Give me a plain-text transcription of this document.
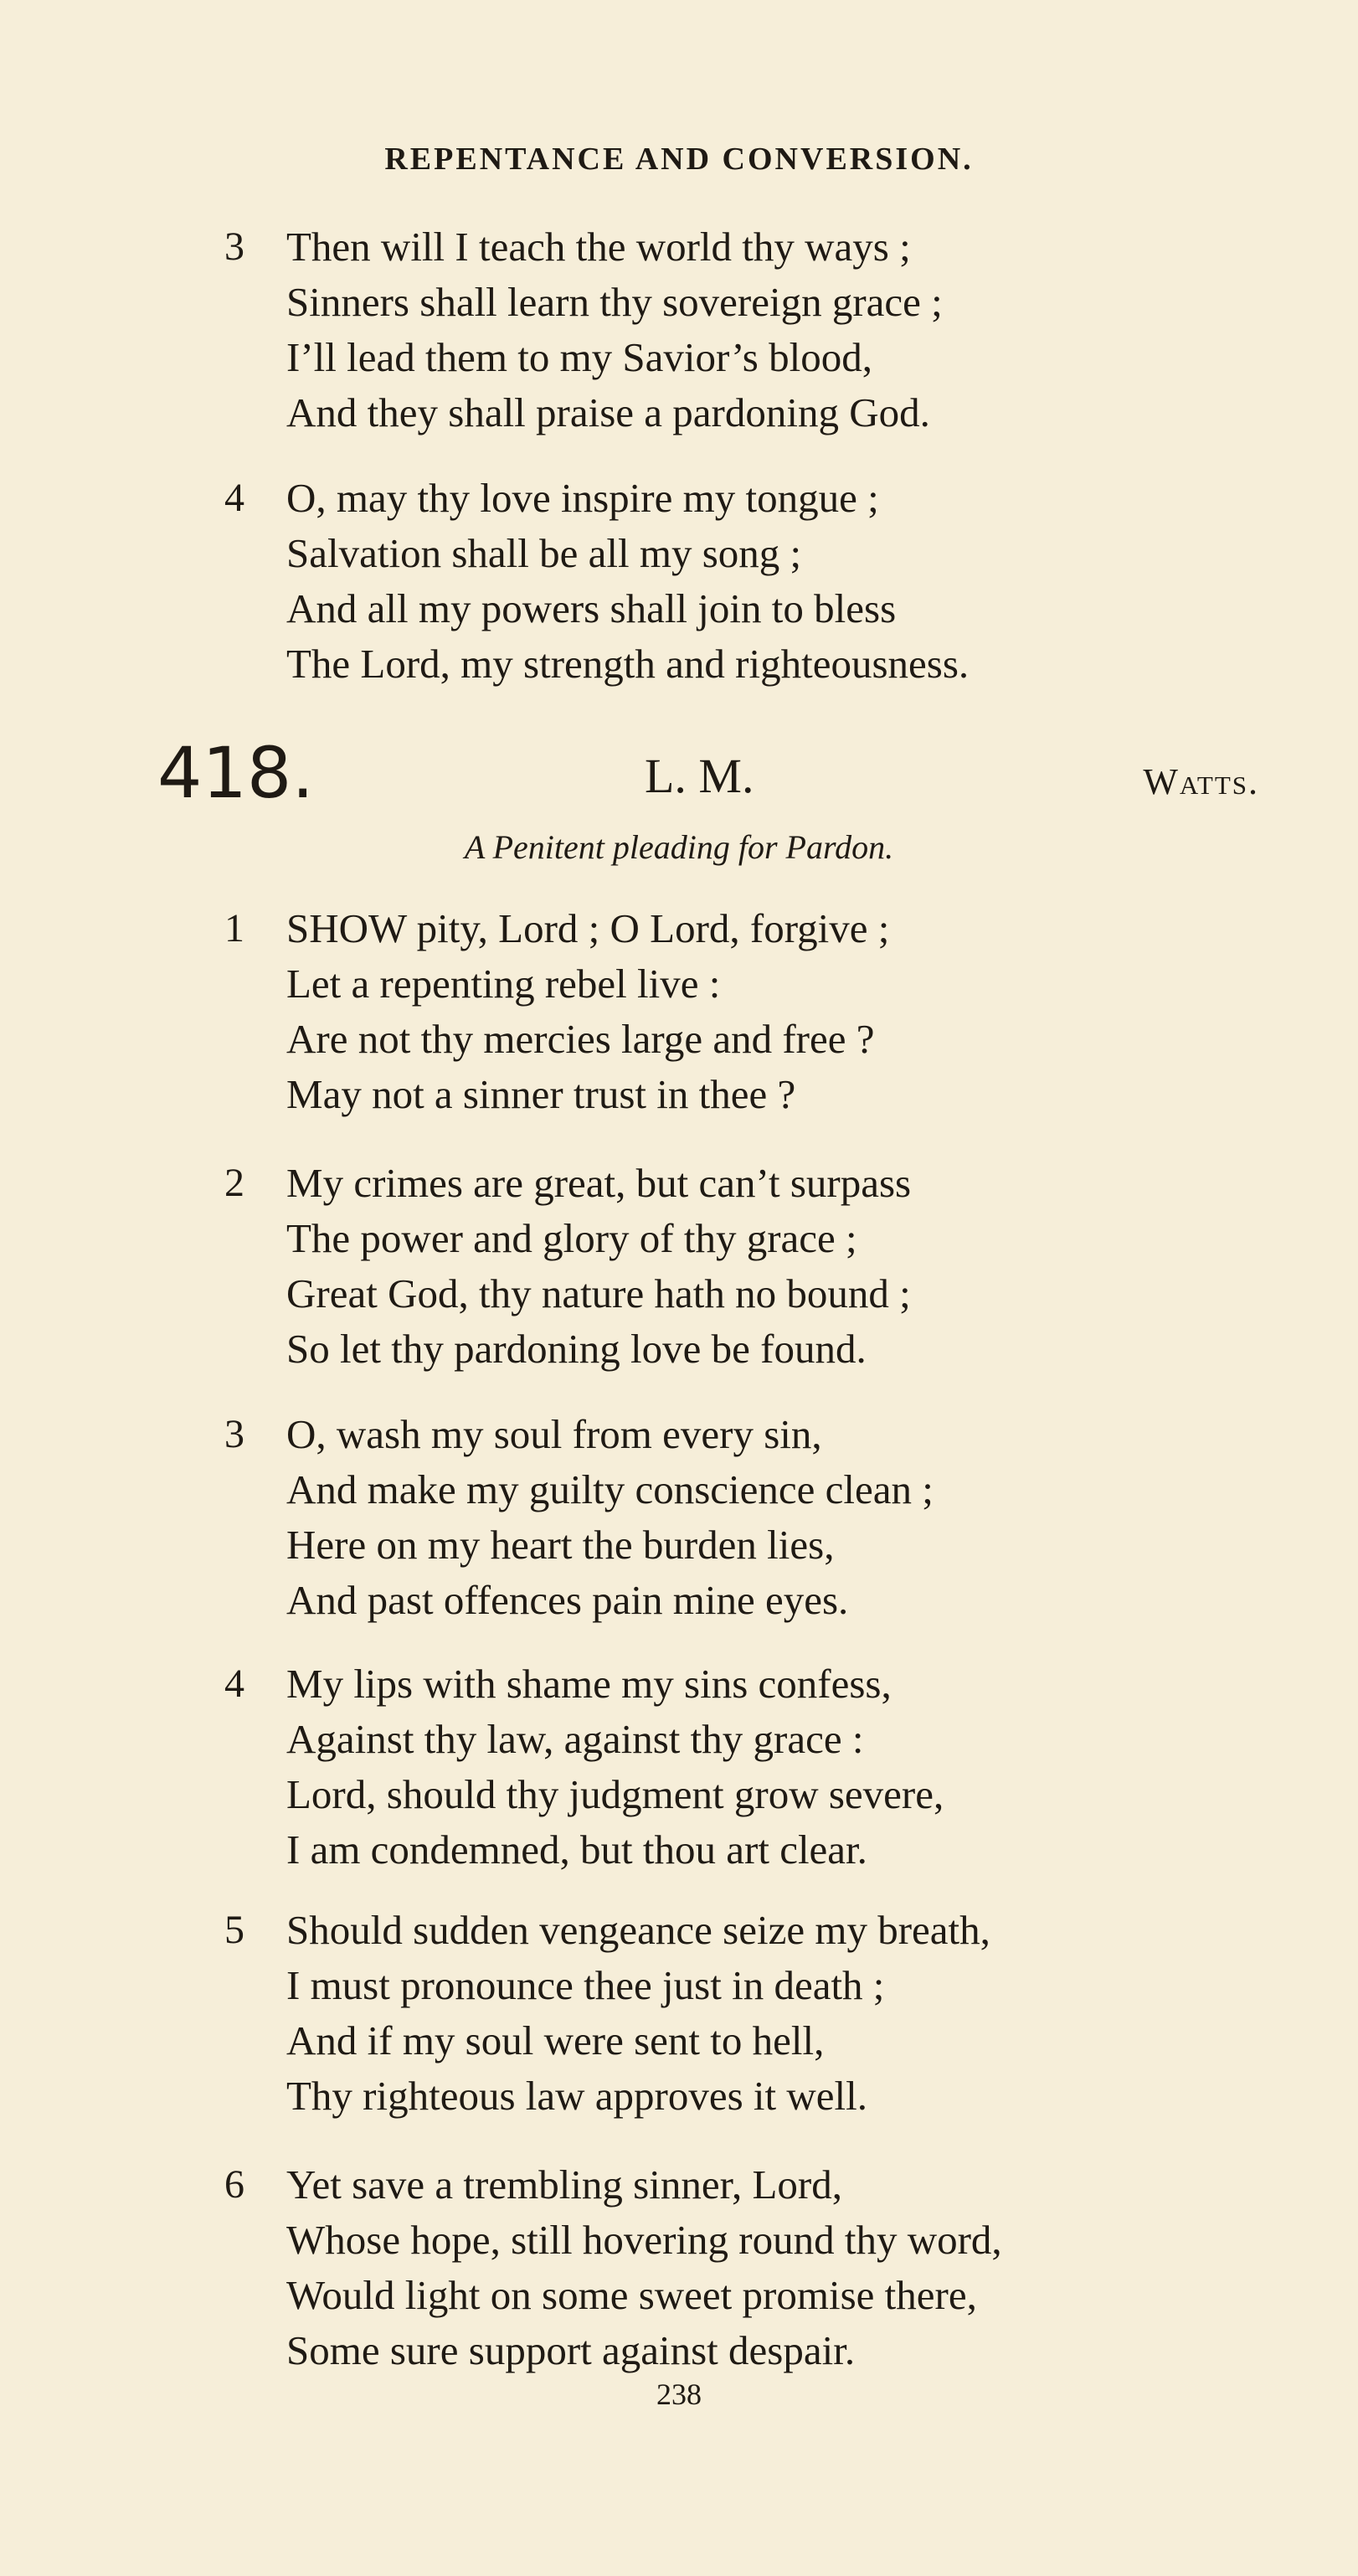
REPENTANCE AND CONVERSION.
3 Then will I teach the world thy ways ;
Sinners shall learn thy sovereign grace ;
I’ll lead them to my Savior’s blood,
And they shall praise a pardoning God.
4 O, may thy love inspire my tongue ;
Salvation shall be all my song ;
And all my powers shall join to bless
The Lord, my strength and righteousness.
418.	L. M.	Watts.
A Penitent pleading for Pardon.
1 SHOW pity, Lord ; O Lord, forgive ;
Let a repenting rebel live :
Are not thy mercies large and free ?
May not a sinner trust in thee ?
2 My crimes are great, but can’t surpass
The power and glory of thy grace ;
Great God, thy nature hath no bound ;
So let thy pardoning love be found.
3 O, wash my soul from every sin,
And make my guilty conscience clean ;
Here on my heart the burden lies,
And past offences pain mine eyes.
4 My lips with shame my sins confess,
Against thy law, against thy grace :
Lord, should thy judgment grow severe,
I am condemned, but thou art clear.
5 Should sudden vengeance seize my breath,
I must pronounce thee just in death ;
And if my soul were sent to hell,
Thy righteous law approves it well.
6 Yet save a trembling sinner, Lord,
Whose hope, still hovering round thy word,
Would light on some sweet promise there,
Some sure support against despair.
238
